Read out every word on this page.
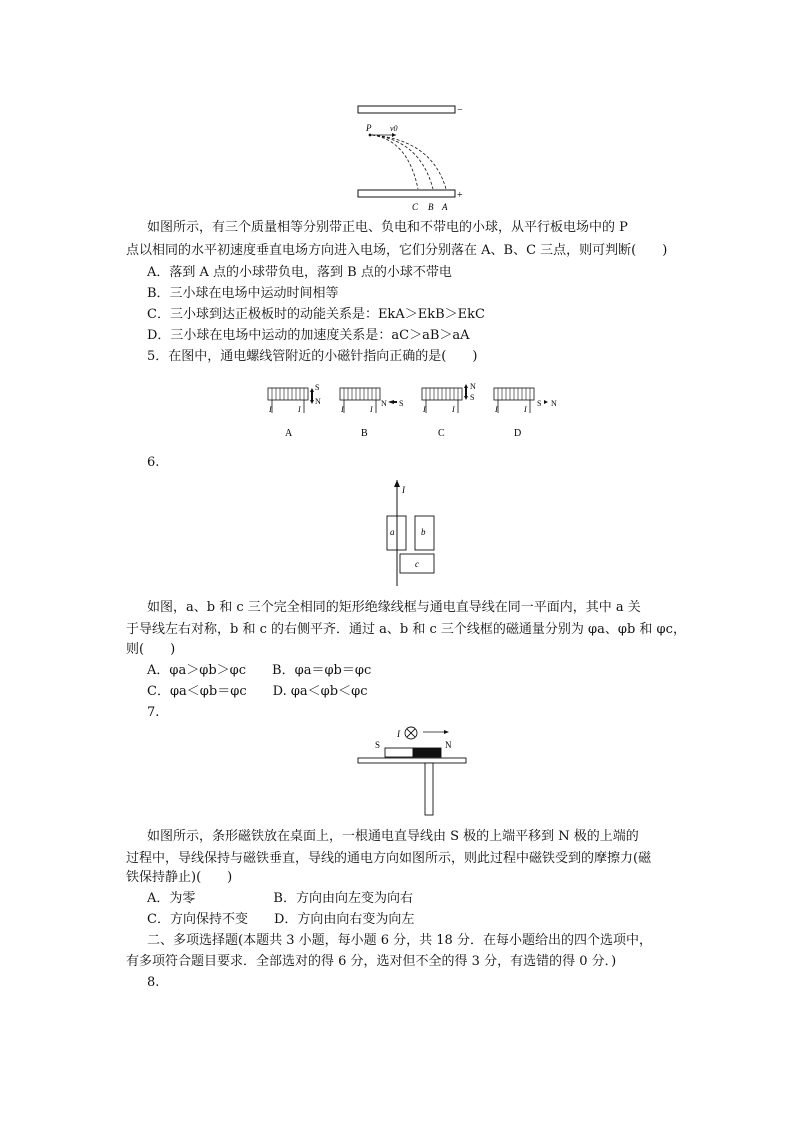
−
P v0
+
C B A
如图所示，有三个质量相等分别带正电、负电和不带电的小球，从平行板电场中的 P
点以相同的水平初速度垂直电场方向进入电场，它们分别落在 A、B、C 三点，则可判断(　　)
A．落到 A 点的小球带负电，落到 B 点的小球不带电
B．三小球在电场中运动时间相等
C．三小球到达正极板时的动能关系是：EkA＞EkB＞EkC
D．三小球在电场中运动的加速度关系是：aC＞aB＞aA
5．在图中，通电螺线管附近的小磁针指向正确的是(　　)
I	I
S
N
A
I	I
N S
B
I	I
N
S
C
I	I
S N
D
6.
I
a	b
c
如图，a、b 和 c 三个完全相同的矩形绝缘线框与通电直导线在同一平面内，其中 a 关
于导线左右对称，b 和 c 的右侧平齐．通过 a、b 和 c 三个线框的磁通量分别为 φa、φb 和 φc，
则(　　)
A．φa＞φb＞φc　　B．φa＝φb＝φc
C．φa＜φb＝φc　　D. φa＜φb＜φc
7.
I
S	N
如图所示，条形磁铁放在桌面上，一根通电直导线由 S 极的上端平移到 N 极的上端的
过程中，导线保持与磁铁垂直，导线的通电方向如图所示，则此过程中磁铁受到的摩擦力(磁
铁保持静止)(　　)
A．为零　　　　　　B．方向由向左变为向右
C．方向保持不变　　D．方向由向右变为向左
二、多项选择题(本题共 3 小题，每小题 6 分，共 18 分．在每小题给出的四个选项中，
有多项符合题目要求．全部选对的得 6 分，选对但不全的得 3 分，有选错的得 0 分．)
8.
